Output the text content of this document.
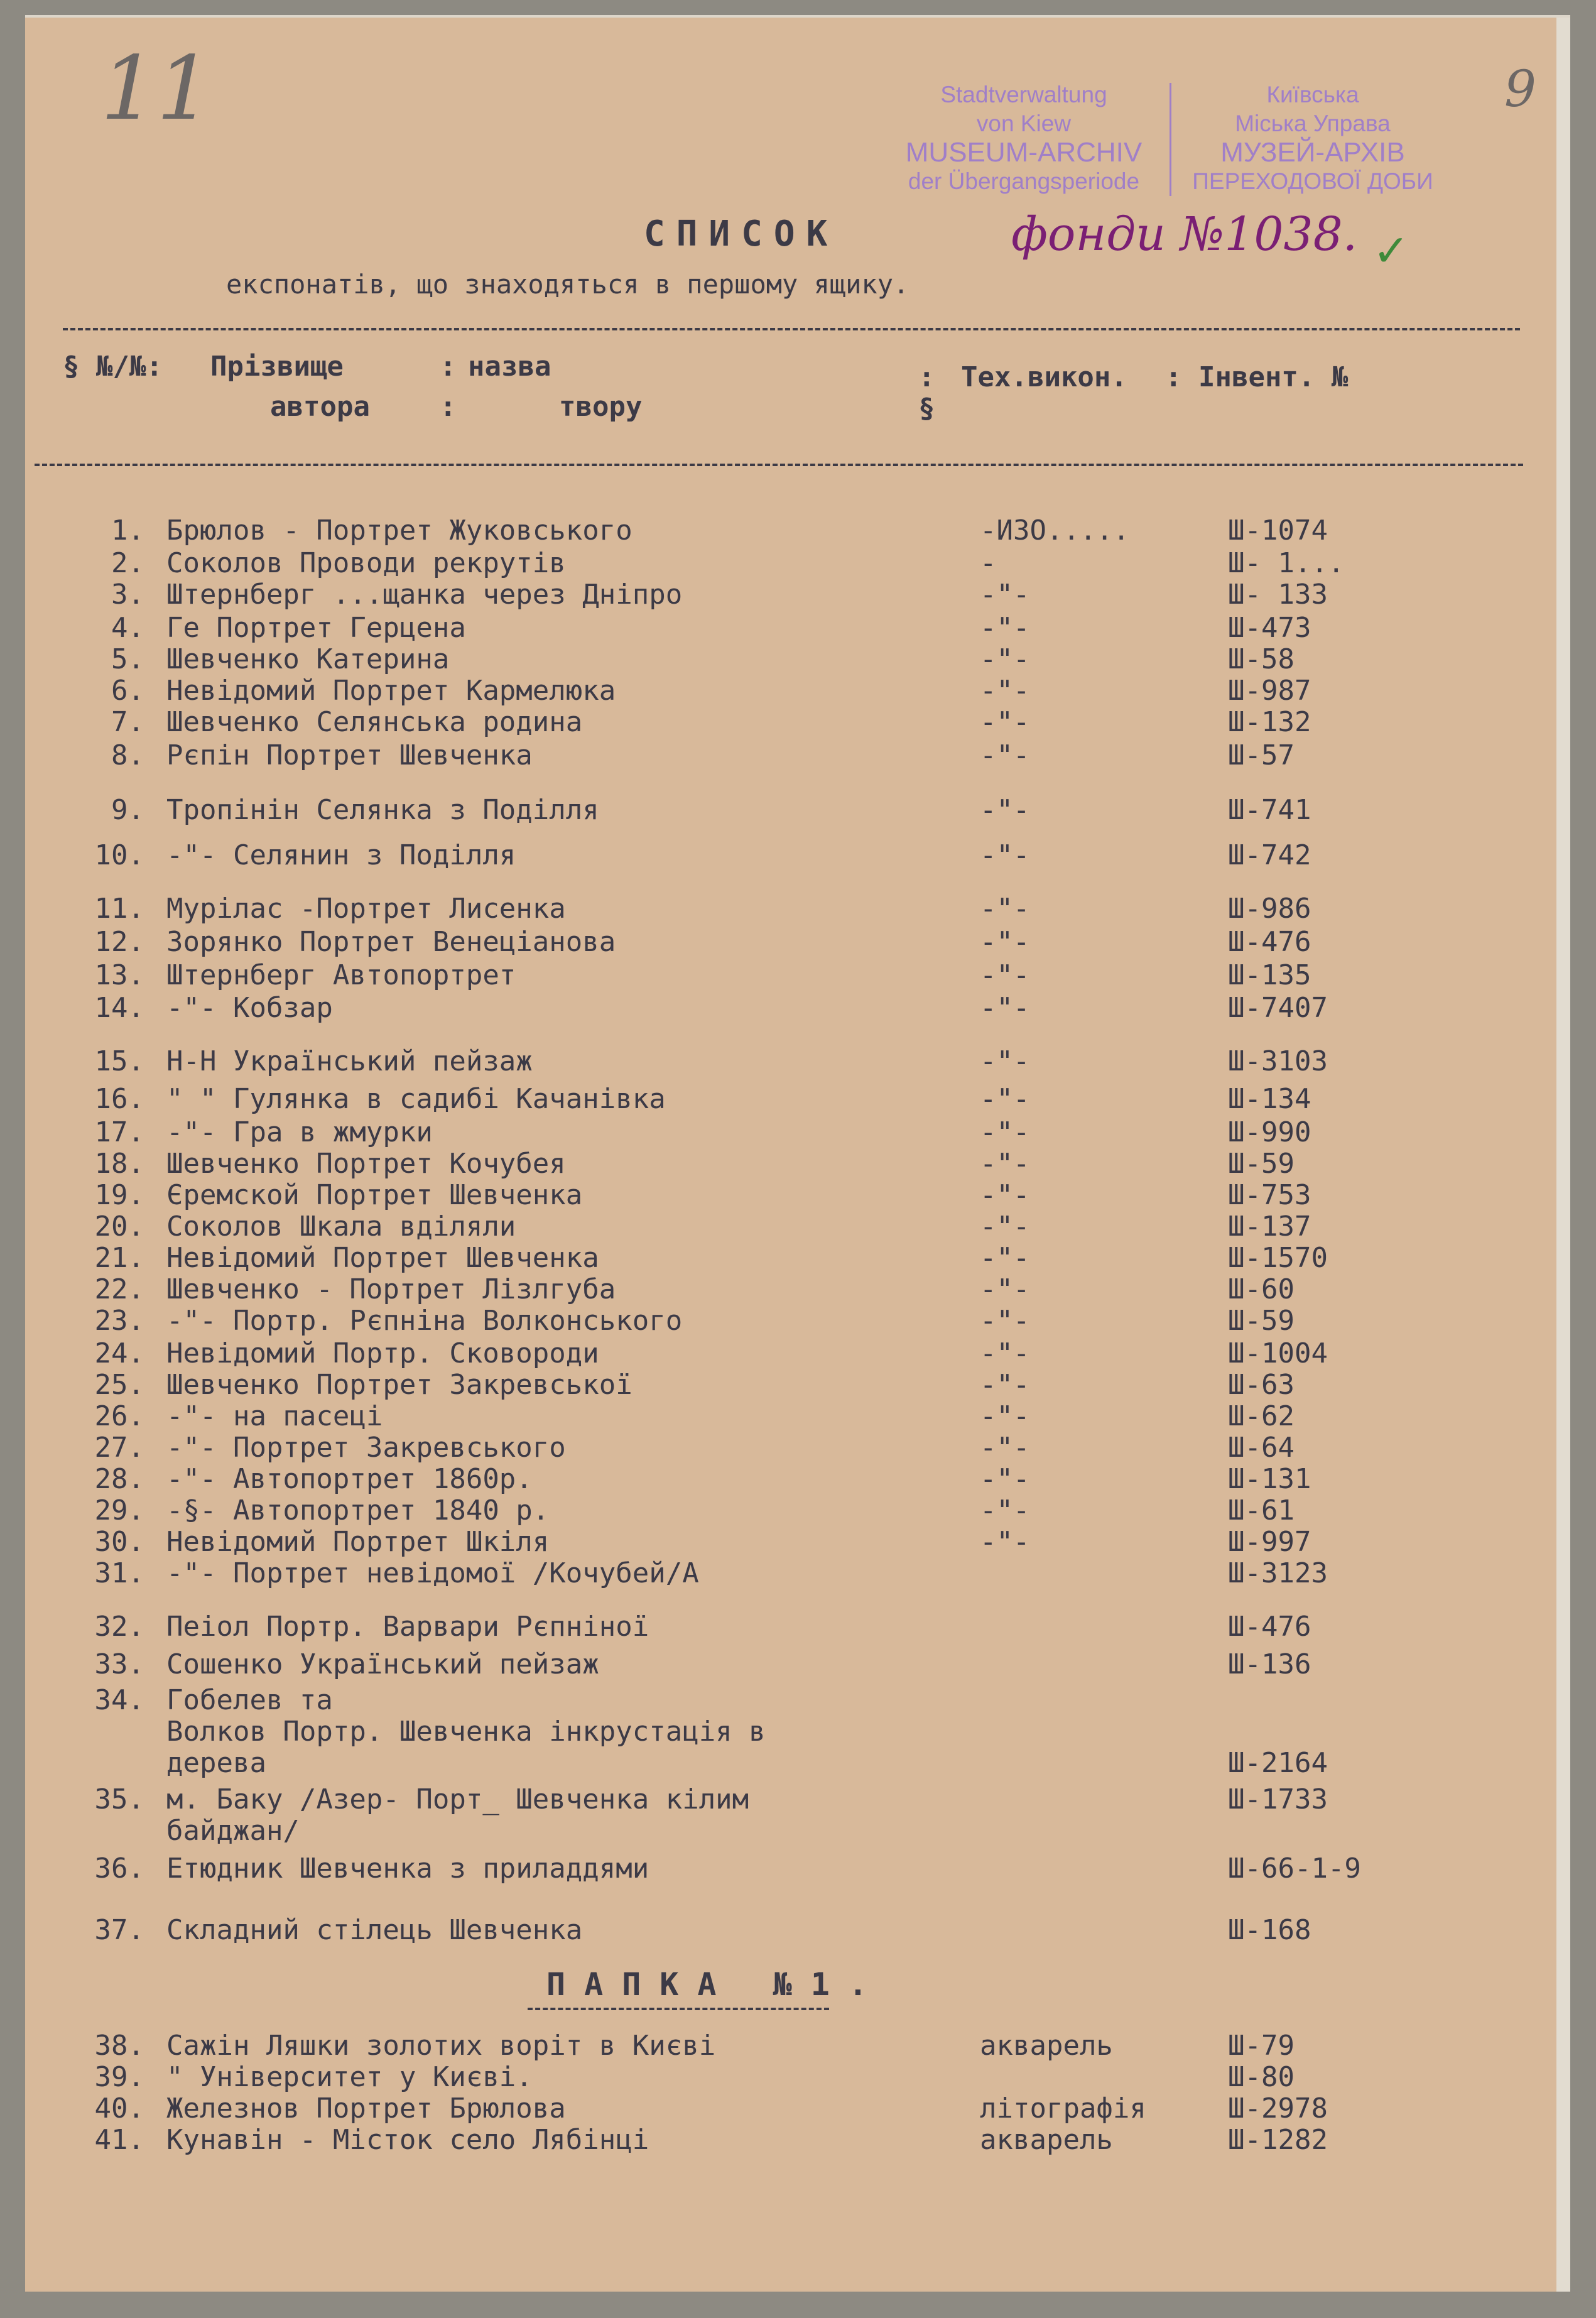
11	9
Stadtverwaltung
von Kiew
MUSEUM-ARCHIV
der Übergangsperiode
Київська
Міська Управа
МУЗЕЙ-АРХІВ
ПЕРЕХОДОВОЇ ДОБИ
фонди №1038. ✓
СПИСОК
експонатів, що знаходяться в першому ящику.
§ №/№: Прізвище
автора
:
:
назва
твору
:
§
Тех.викон. : Інвент. №
1. Брюлов - Портрет Жуковського	-ИЗО.....	Ш-1074
2. Соколов Проводи рекрутів	-	Ш- 1...
3. Штернберг ...щанка через Дніпро	-"-	Ш- 133
4. Ге Портрет Герцена	-"-	Ш-473
5. Шевченко Катерина	-"-	Ш-58
6. Невідомий Портрет Кармелюка	-"-	Ш-987
7. Шевченко Селянська родина	-"-	Ш-132
8. Рєпін Портрет Шевченка	-"-	Ш-57
9. Тропінін Селянка з Поділля	-"-	Ш-741
10. -"- Селянин з Поділля	-"-	Ш-742
11. Мурілас -Портрет Лисенка	-"-	Ш-986
12. Зорянко Портрет Венеціанова	-"-	Ш-476
13. Штернберг Автопортрет	-"-	Ш-135
14. -"- Кобзар	-"-	Ш-7407
15. Н-Н Український пейзаж	-"-	Ш-3103
16. " " Гулянка в садибі Качанівка	-"-	Ш-134
17. -"- Гра в жмурки	-"-	Ш-990
18. Шевченко Портрет Кочубея	-"-	Ш-59
19. Єремской Портрет Шевченка	-"-	Ш-753
20. Соколов Шкала вділяли	-"-	Ш-137
21. Невідомий Портрет Шевченка	-"-	Ш-1570
22. Шевченко - Портрет Лізлгуба	-"-	Ш-60
23. -"- Портр. Рєпніна Волконського	-"-	Ш-59
24. Невідомий Портр. Сковороди	-"-	Ш-1004
25. Шевченко Портрет Закревської	-"-	Ш-63
26. -"- на пасеці	-"-	Ш-62
27. -"- Портрет Закревського	-"-	Ш-64
28. -"- Автопортрет 1860р.	-"-	Ш-131
29. -§- Автопортрет 1840 р.	-"-	Ш-61
30. Невідомий Портрет Шкіля	-"-	Ш-997
31. -"- Портрет невідомої /Кочубей/А	Ш-3123
32. Пеіол Портр. Варвари Рєпніної	Ш-476
33. Сошенко Український пейзаж	Ш-136
34. Гобелев та
Волков Портр. Шевченка інкрустація в
дерева	Ш-2164
35. м. Баку /Азер- Порт_ Шевченка кілим	Ш-1733
байджан/
36. Етюдник Шевченка з приладдями	Ш-66-1-9
37. Складний стілець Шевченка	Ш-168
ПАПКА №1.
38. Сажін Ляшки золотих воріт в Києві	акварель	Ш-79
39. " Університет у Києві.	Ш-80
40. Железнов Портрет Брюлова	літографія	Ш-2978
41. Кунавін - Місток село Лябінці	акварель	Ш-1282
